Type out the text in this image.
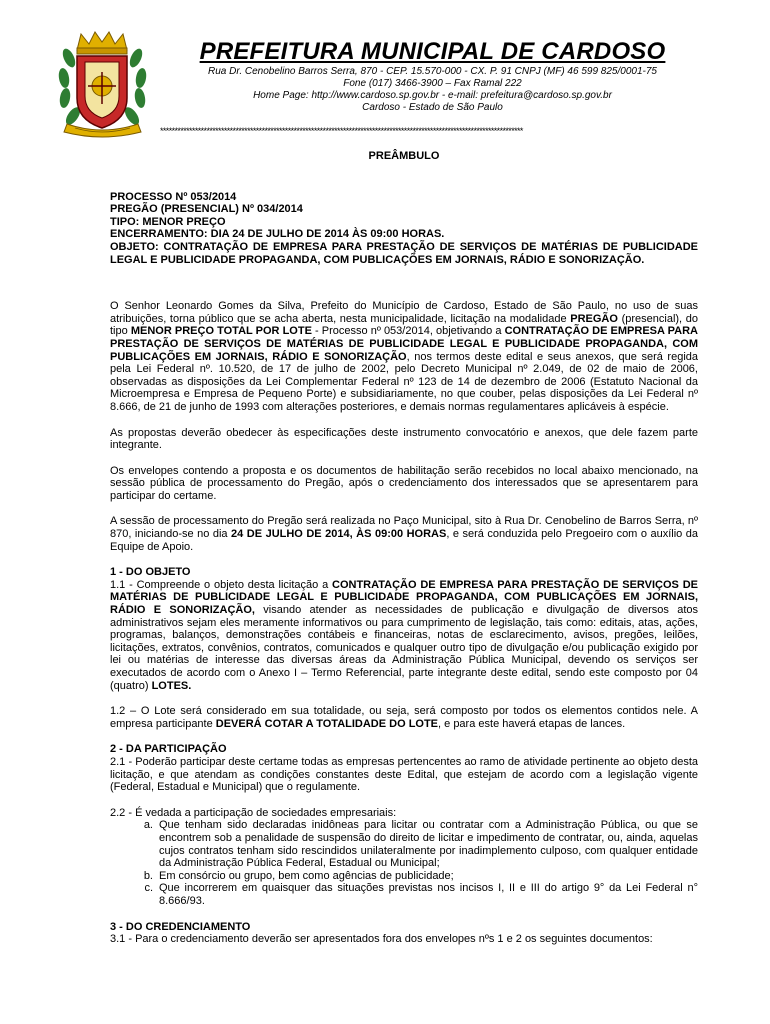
PREFEITURA MUNICIPAL DE CARDOSO

Rua Dr. Cenobelino Barros Serra, 870 - CEP. 15.570-000 - CX. P. 91 CNPJ (MF) 46 599 825/0001-75

Fone (017) 3466-3900 – Fax Ramal 222

Home Page: http://www.cardoso.sp.gov.br - e-mail: prefeitura@cardoso.sp.gov.br

Cardoso - Estado de São Paulo

*****************************************************************************************************************************
PREÂMBULO
PROCESSO Nº 053/2014
PREGÃO (PRESENCIAL) Nº 034/2014
TIPO: MENOR PREÇO
ENCERRAMENTO: DIA 24 DE JULHO DE 2014 ÀS 09:00 HORAS.

OBJETO: CONTRATAÇÃO DE EMPRESA PARA PRESTAÇÃO DE SERVIÇOS DE MATÉRIAS DE PUBLICIDADE LEGAL E PUBLICIDADE PROPAGANDA, COM PUBLICAÇÕES EM JORNAIS, RÁDIO E SONORIZAÇÃO.

O Senhor Leonardo Gomes da Silva, Prefeito do Município de Cardoso, Estado de São Paulo, no uso de suas atribuições, torna público que se acha aberta, nesta municipalidade, licitação na modalidade PREGÃO (presencial), do tipo MENOR PREÇO TOTAL POR LOTE - Processo nº 053/2014, objetivando a CONTRATAÇÃO DE EMPRESA PARA PRESTAÇÃO DE SERVIÇOS DE MATÉRIAS DE PUBLICIDADE LEGAL E PUBLICIDADE PROPAGANDA, COM PUBLICAÇÕES EM JORNAIS, RÁDIO E SONORIZAÇÃO, nos termos deste edital e seus anexos, que será regida pela Lei Federal nº. 10.520, de 17 de julho de 2002, pelo Decreto Municipal nº 2.049, de 02 de maio de 2006, observadas as disposições da Lei Complementar Federal nº 123 de 14 de dezembro de 2006 (Estatuto Nacional da Microempresa e Empresa de Pequeno Porte) e subsidiariamente, no que couber, pelas disposições da Lei Federal nº 8.666, de 21 de junho de 1993 com alterações posteriores, e demais normas regulamentares aplicáveis à espécie.

As propostas deverão obedecer às especificações deste instrumento convocatório e anexos, que dele fazem parte integrante.

Os envelopes contendo a proposta e os documentos de habilitação serão recebidos no local abaixo mencionado, na sessão pública de processamento do Pregão, após o credenciamento dos interessados que se apresentarem para participar do certame.

A sessão de processamento do Pregão será realizada no Paço Municipal, sito à Rua Dr. Cenobelino de Barros Serra, nº 870, iniciando-se no dia 24 DE JULHO DE 2014, ÀS 09:00 HORAS, e será conduzida pelo Pregoeiro com o auxílio da Equipe de Apoio.

1 - DO OBJETO

1.1 - Compreende o objeto desta licitação a CONTRATAÇÃO DE EMPRESA PARA PRESTAÇÃO DE SERVIÇOS DE MATÉRIAS DE PUBLICIDADE LEGAL E PUBLICIDADE PROPAGANDA, COM PUBLICAÇÕES EM JORNAIS, RÁDIO E SONORIZAÇÃO, visando atender as necessidades de publicação e divulgação de diversos atos administrativos sejam eles meramente informativos ou para cumprimento de legislação, tais como: editais, atas, ações, programas, balanços, demonstrações contábeis e financeiras, notas de esclarecimento, avisos, pregões, leilões, licitações, extratos, convênios, contratos, comunicados e qualquer outro tipo de divulgação e/ou publicação exigido por lei ou matérias de interesse das diversas áreas da Administração Pública Municipal, devendo os serviços ser executados de acordo com o Anexo I – Termo Referencial, parte integrante deste edital, sendo este composto por 04 (quatro) LOTES.

1.2 – O Lote será considerado em sua totalidade, ou seja, será composto por todos os elementos contidos nele. A empresa participante DEVERÁ COTAR A TOTALIDADE DO LOTE, e para este haverá etapas de lances.

2 - DA PARTICIPAÇÃO

2.1 - Poderão participar deste certame todas as empresas pertencentes ao ramo de atividade pertinente ao objeto desta licitação, e que atendam as condições constantes deste Edital, que estejam de acordo com a legislação vigente (Federal, Estadual e Municipal) que o regulamente.

2.2 - É vedada a participação de sociedades empresariais:

a. Que tenham sido declaradas inidôneas para licitar ou contratar com a Administração Pública, ou que se encontrem sob a penalidade de suspensão do direito de licitar e impedimento de contratar, ou, ainda, aquelas cujos contratos tenham sido rescindidos unilateralmente por inadimplemento culposo, com qualquer entidade da Administração Pública Federal, Estadual ou Municipal;
b. Em consórcio ou grupo, bem como agências de publicidade;
c. Que incorrerem em quaisquer das situações previstas nos incisos I, II e III do artigo 9° da Lei Federal n° 8.666/93.
3 - DO CREDENCIAMENTO

3.1 - Para o credenciamento deverão ser apresentados fora dos envelopes nºs 1 e 2 os seguintes documentos:
